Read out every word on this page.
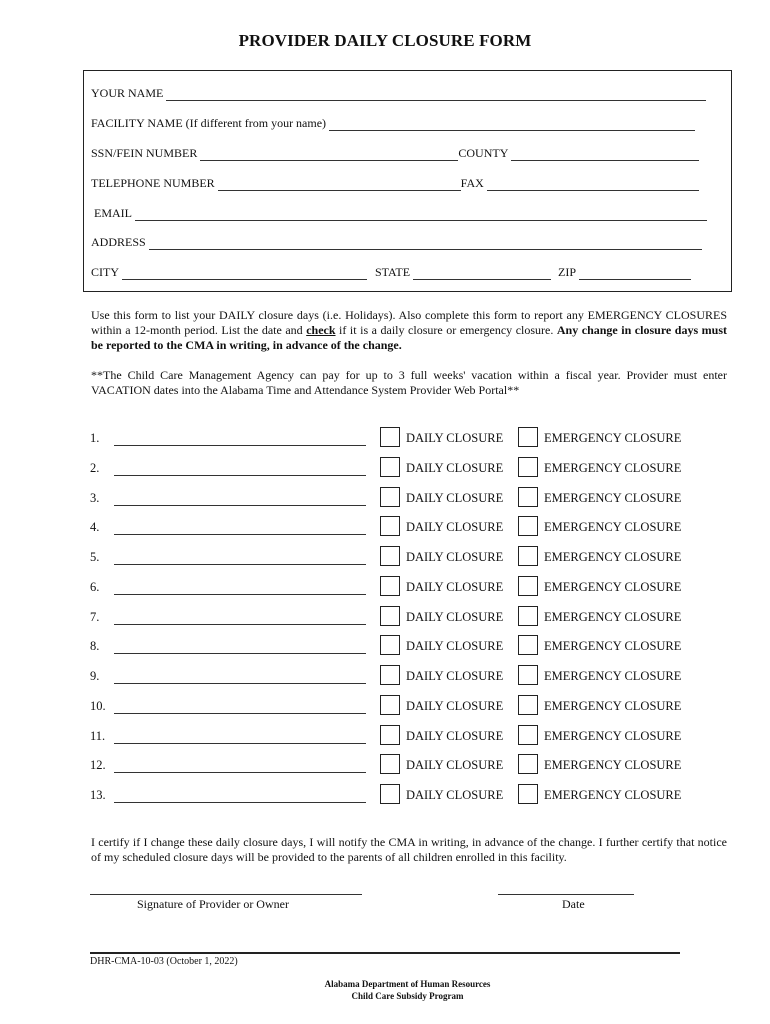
PROVIDER DAILY CLOSURE FORM
YOUR NAME
FACILITY NAME (If different from your name)
SSN/FEIN NUMBER	COUNTY
TELEPHONE NUMBER	FAX
EMAIL
ADDRESS
CITY	STATE	ZIP
Use this form to list your DAILY closure days (i.e. Holidays). Also complete this form to report any EMERGENCY CLOSURES within a 12-month period. List the date and check if it is a daily closure or emergency closure. Any change in closure days must be reported to the CMA in writing, in advance of the change.
**The Child Care Management Agency can pay for up to 3 full weeks' vacation within a fiscal year. Provider must enter VACATION dates into the Alabama Time and Attendance System Provider Web Portal**
1.	DAILY CLOSURE	EMERGENCY CLOSURE
2.	DAILY CLOSURE	EMERGENCY CLOSURE
3.	DAILY CLOSURE	EMERGENCY CLOSURE
4.	DAILY CLOSURE	EMERGENCY CLOSURE
5.	DAILY CLOSURE	EMERGENCY CLOSURE
6.	DAILY CLOSURE	EMERGENCY CLOSURE
7.	DAILY CLOSURE	EMERGENCY CLOSURE
8.	DAILY CLOSURE	EMERGENCY CLOSURE
9.	DAILY CLOSURE	EMERGENCY CLOSURE
10.	DAILY CLOSURE	EMERGENCY CLOSURE
11.	DAILY CLOSURE	EMERGENCY CLOSURE
12.	DAILY CLOSURE	EMERGENCY CLOSURE
13.	DAILY CLOSURE	EMERGENCY CLOSURE
I certify if I change these daily closure days, I will notify the CMA in writing, in advance of the change. I further certify that notice of my scheduled closure days will be provided to the parents of all children enrolled in this facility.
Signature of Provider or Owner	Date
DHR-CMA-10-03 (October 1, 2022)
Alabama Department of Human Resources
Child Care Subsidy Program
